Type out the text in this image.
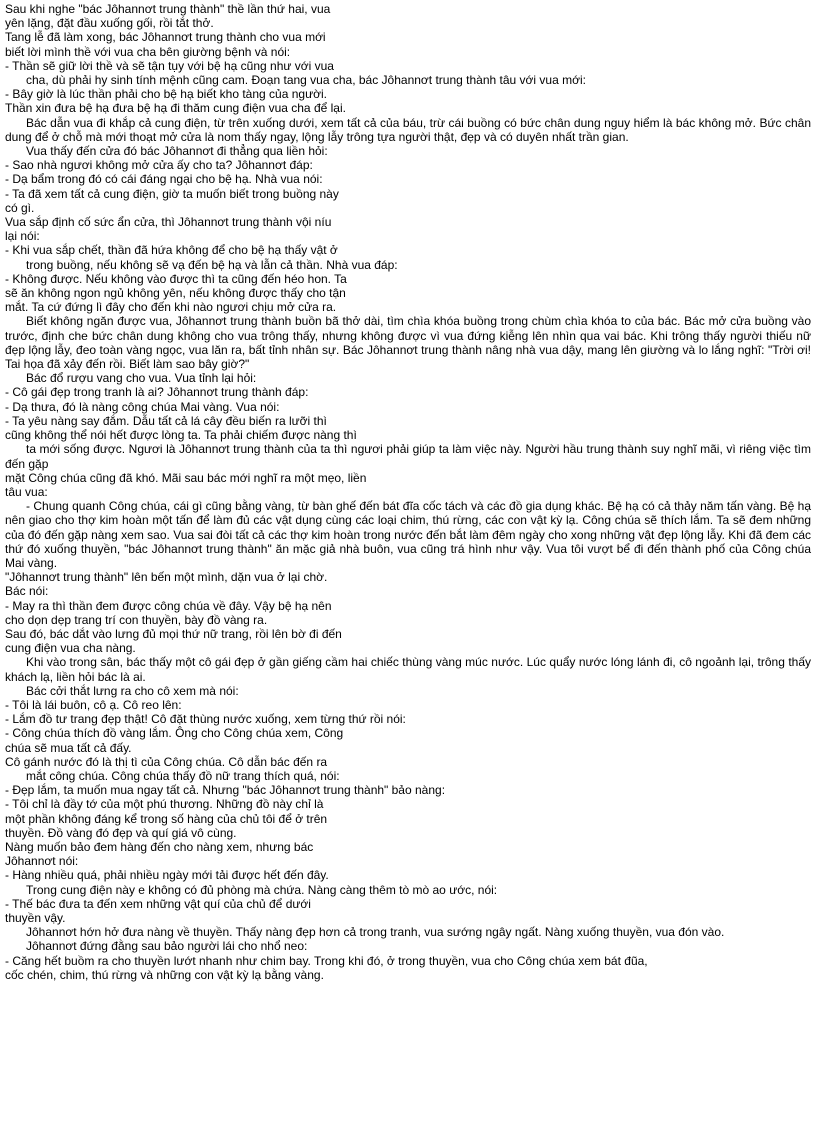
Sau khi nghe "bác Jôhannơt trung thành" thề lần thứ hai, vua

yên lặng, đặt đầu xuống gối, rồi tắt thở.

Tang lễ đã làm xong, bác Jôhannơt trung thành cho vua mới

biết lời mình thề với vua cha bên giường bệnh và nói:

- Thần sẽ giữ lời thề và sẽ tận tụy với bệ hạ cũng như với vua

cha, dù phải hy sinh tính mệnh cũng cam. Đoạn tang vua cha, bác Jôhannơt trung thành tâu với vua mới:

- Bây giờ là lúc thần phải cho bệ hạ biết kho tàng của người.

Thần xin đưa bệ hạ đưa bệ hạ đi thăm cung điện vua cha để lại.

Bác dẫn vua đi khắp cả cung điện, từ trên xuống dưới, xem tất cả của báu, trừ cái buồng có bức chân dung nguy hiểm là bác không mở. Bức chân dung để ở chỗ mà mới thoạt mở cửa là nom thấy ngay, lộng lẫy trông tựa người thật, đẹp và có duyên nhất trần gian.

Vua thấy đến cửa đó bác Jôhannơt đi thẳng qua liền hỏi:

- Sao nhà ngươi không mở cửa ấy cho ta? Jôhannơt đáp:

- Dạ bẩm trong đó có cái đáng ngại cho bệ hạ. Nhà vua nói:

- Ta đã xem tất cả cung điện, giờ ta muốn biết trong buồng này

có gì.

Vua sắp định cố sức ẩn cửa, thì Jôhannơt trung thành vội níu

lại nói:

- Khi vua sắp chết, thần đã hứa không để cho bệ hạ thấy vật ở

trong buồng, nếu không sẽ vạ đến bệ hạ và lẫn cả thần. Nhà vua đáp:

- Không được. Nếu không vào được thì ta cũng đến héo hon. Ta

sẽ ăn không ngon ngủ không yên, nếu không được thấy cho tận

mắt. Ta cứ đứng lì đây cho đến khi nào ngươi chịu mở cửa ra.

Biết không ngăn được vua, Jôhannơt trung thành buồn bã thở dài, tìm chìa khóa buồng trong chùm chìa khóa to của bác. Bác mở cửa buồng vào trước, định che bức chân dung không cho vua trông thấy, nhưng không được vì vua đứng kiễng lên nhìn qua vai bác. Khi trông thấy người thiếu nữ đẹp lộng lẫy, đeo toàn vàng ngọc, vua lăn ra, bất tỉnh nhân sự. Bác Jôhannơt trung thành nâng nhà vua dậy, mang lên giường và lo lắng nghĩ: "Trời ơi! Tai họa đã xảy đến rồi. Biết làm sao bây giờ?"

Bác đổ rượu vang cho vua. Vua tỉnh lại hỏi:

- Cô gái đẹp trong tranh là ai? Jôhannơt trung thành đáp:

- Dạ thưa, đó là nàng công chúa Mai vàng. Vua nói:

- Ta yêu nàng say đắm. Dẫu tất cả lá cây đều biến ra lưỡi thì

cũng không thể nói hết được lòng ta. Ta phải chiếm được nàng thì

ta mới sống được. Ngươi là Jôhannơt trung thành của ta thì ngươi phải giúp ta làm việc này. Người hầu trung thành suy nghĩ mãi, vì riêng việc tìm đến gặp

mặt Công chúa cũng đã khó. Mãi sau bác mới nghĩ ra một mẹo, liền

tâu vua:

- Chung quanh Công chúa, cái gì cũng bằng vàng, từ bàn ghế đến bát đĩa cốc tách và các đồ gia dụng khác. Bệ hạ có cả thảy năm tấn vàng. Bệ hạ nên giao cho thợ kim hoàn một tấn để làm đủ các vật dụng cùng các loại chim, thú rừng, các con vật kỳ lạ. Công chúa sẽ thích lắm. Ta sẽ đem những của đó đến gặp nàng xem sao. Vua sai đòi tất cả các thợ kim hoàn trong nước đến bắt làm đêm ngày cho xong những vật đẹp lộng lẫy. Khi đã đem các thứ đó xuống thuyền, "bác Jôhannơt trung thành" ăn mặc giả nhà buôn, vua cũng trá hình như vậy. Vua tôi vượt bể đi đến thành phố của Công chúa Mai vàng.

"Jôhannơt trung thành" lên bến một mình, dặn vua ở lại chờ.

Bác nói:

- May ra thì thần đem được công chúa về đây. Vậy bệ hạ nên

cho dọn dẹp trang trí con thuyền, bày đồ vàng ra.

Sau đó, bác dắt vào lưng đủ mọi thứ nữ trang, rồi lên bờ đi đến

cung điện vua cha nàng.

Khi vào trong sân, bác thấy một cô gái đẹp ở gần giếng cầm hai chiếc thùng vàng múc nước. Lúc quẩy nước lóng lánh đi, cô ngoảnh lại, trông thấy khách lạ, liền hỏi bác là ai.

Bác cởi thắt lưng ra cho cô xem mà nói:

- Tôi là lái buôn, cô ạ. Cô reo lên:

- Lắm đồ tư trang đẹp thật! Cô đặt thùng nước xuống, xem từng thứ rồi nói:

- Công chúa thích đồ vàng lắm. Ông cho Công chúa xem, Công

chúa sẽ mua tất cả đấy.

Cô gánh nước đó là thị tì của Công chúa. Cô dẫn bác đến ra

mắt công chúa. Công chúa thấy đồ nữ trang thích quá, nói:

- Đẹp lắm, ta muốn mua ngay tất cả. Nhưng "bác Jôhannơt trung thành" bảo nàng:

- Tôi chỉ là đầy tớ của một phú thương. Những đồ này chỉ là

một phần không đáng kể trong số hàng của chủ tôi để ở trên

thuyền. Đồ vàng đó đẹp và quí giá vô cùng.

Nàng muốn bảo đem hàng đến cho nàng xem, nhưng bác

Jôhannơt nói:

- Hàng nhiều quá, phải nhiều ngày mới tải được hết đến đây.

Trong cung điện này e không có đủ phòng mà chứa. Nàng càng thêm tò mò ao ước, nói:

- Thế bác đưa ta đến xem những vật quí của chủ để dưới

thuyền vậy.

Jôhannơt hớn hở đưa nàng về thuyền. Thấy nàng đẹp hơn cả trong tranh, vua sướng ngây ngất. Nàng xuống thuyền, vua đón vào.

Jôhannơt đứng đằng sau bảo người lái cho nhổ neo:

- Căng hết buồm ra cho thuyền lướt nhanh như chim bay. Trong khi đó, ở trong thuyền, vua cho Công chúa xem bát đũa,

cốc chén, chim, thú rừng và những con vật kỳ lạ bằng vàng.
